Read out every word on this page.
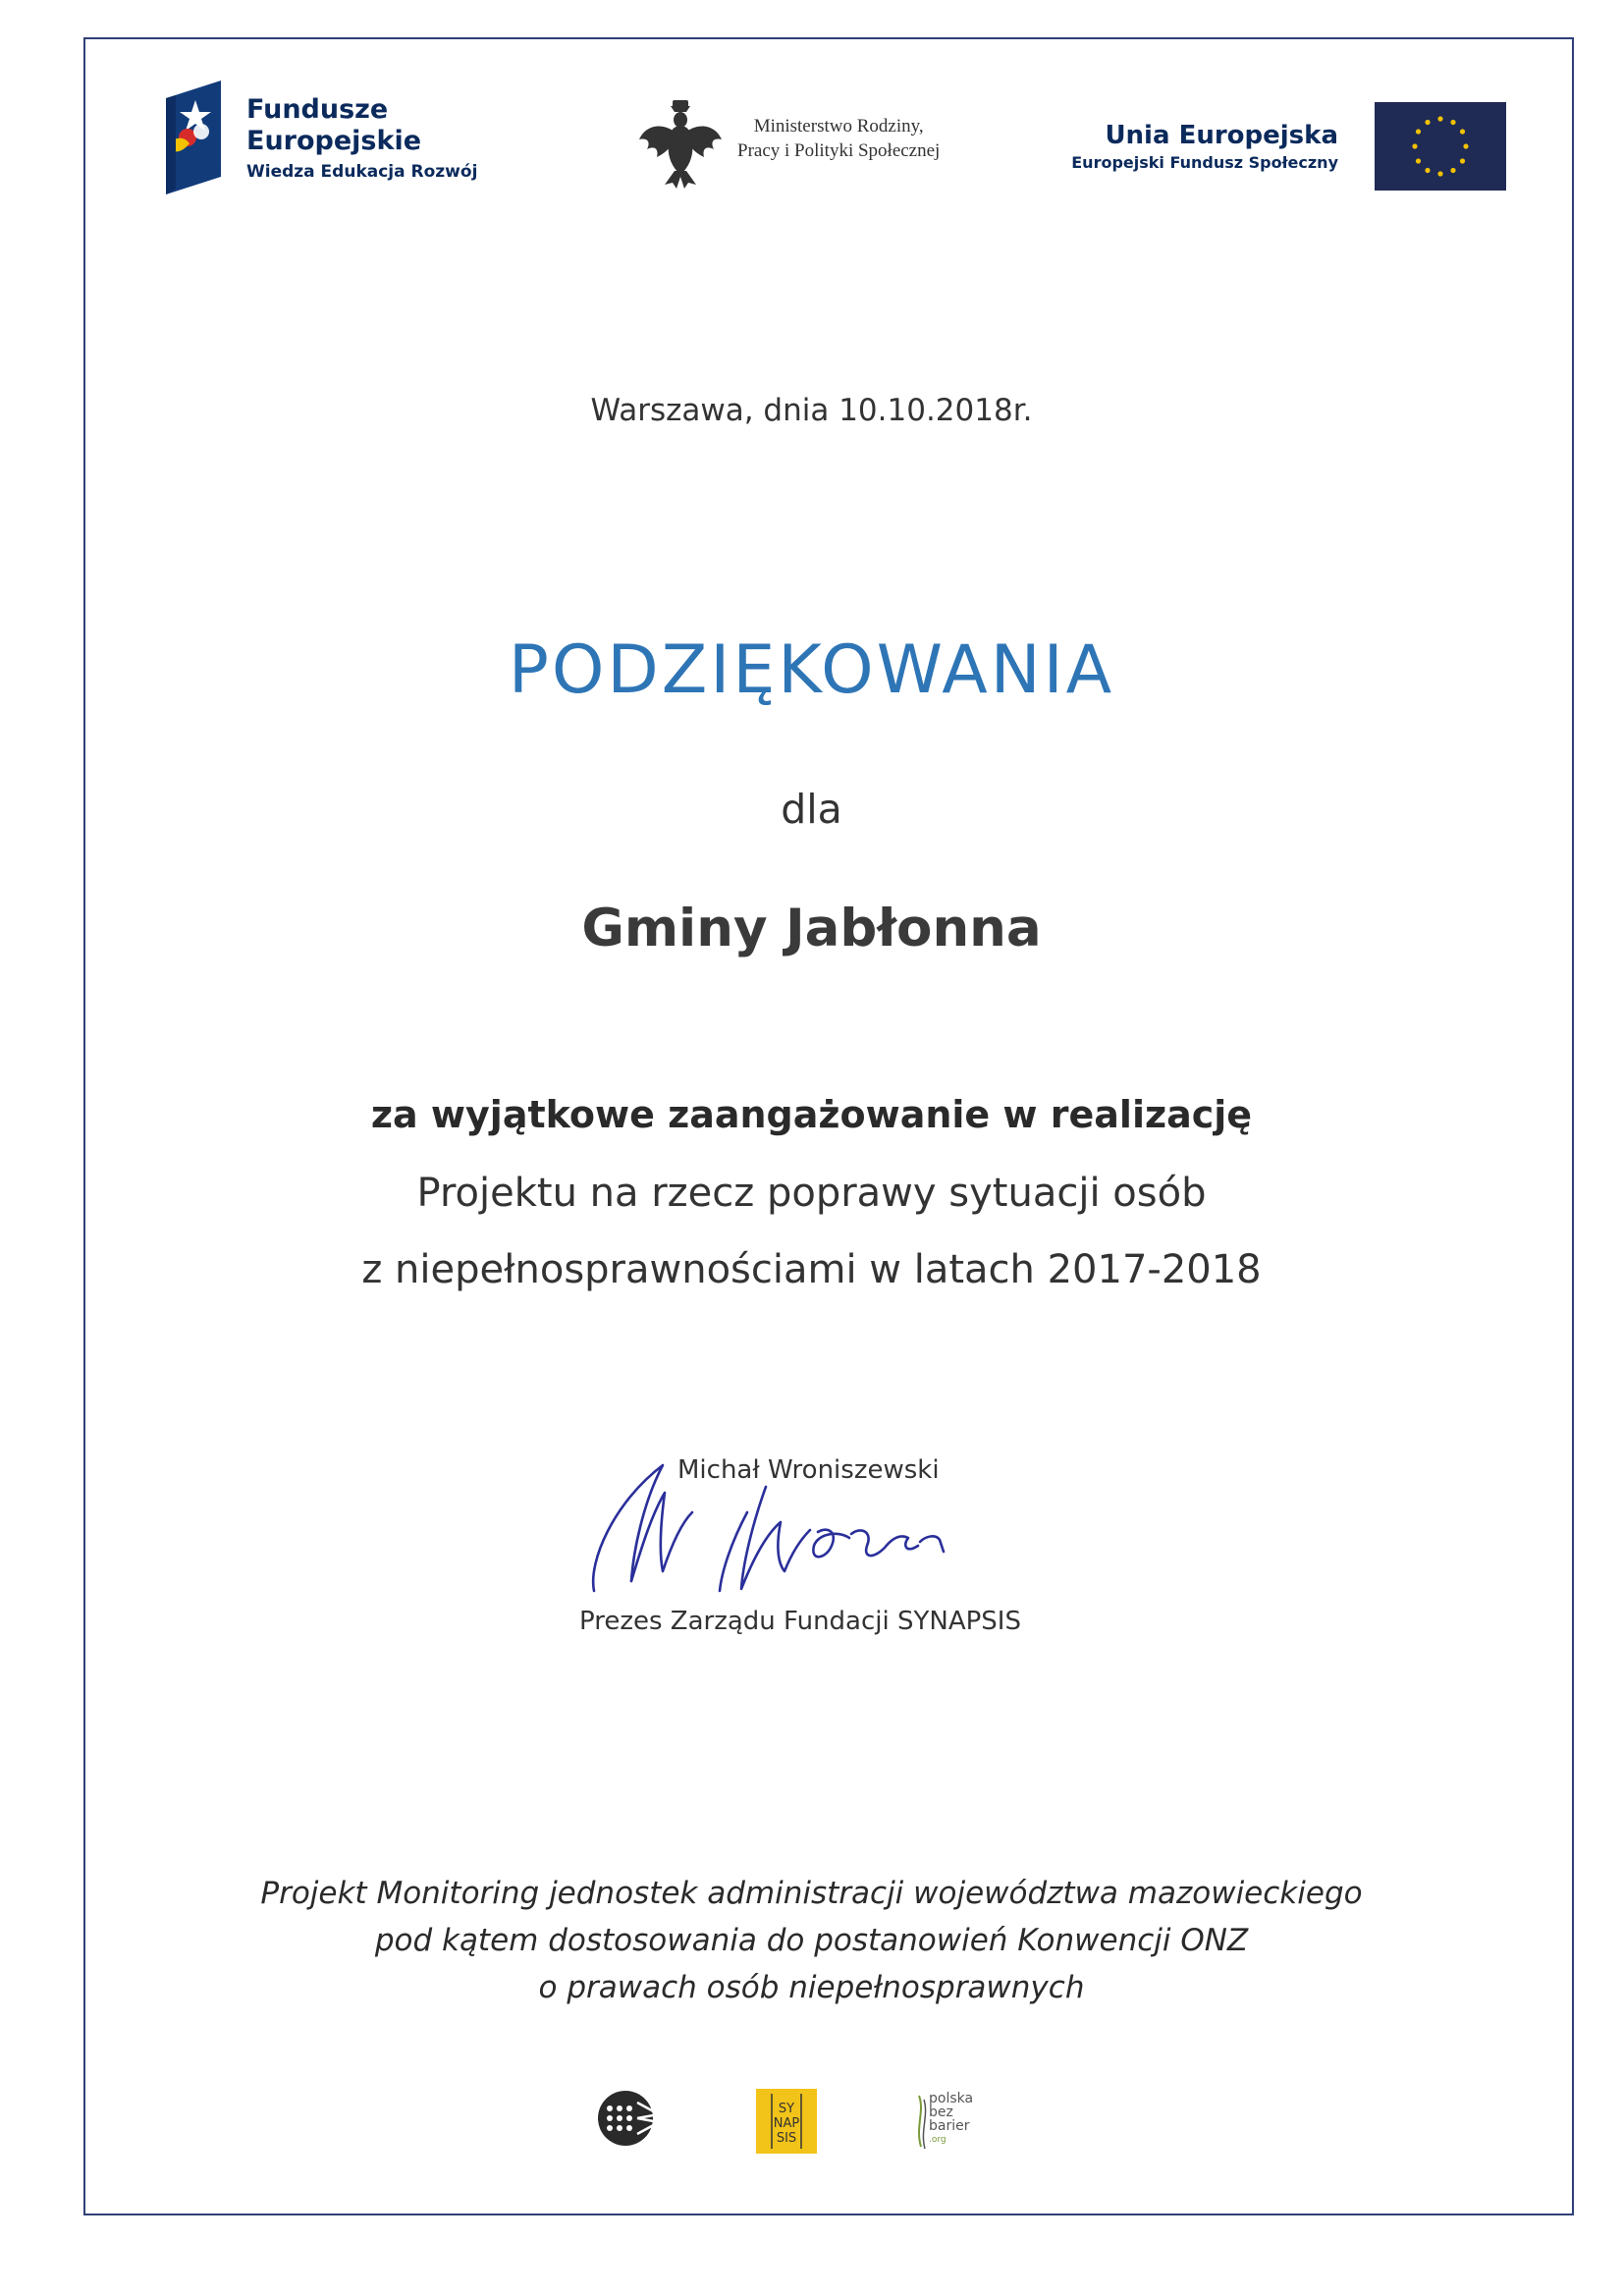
Fundusze
Europejskie
Wiedza Edukacja Rozwój
Ministerstwo Rodziny,
Pracy i Polityki Społecznej
Unia Europejska
Europejski Fundusz Społeczny
Warszawa, dnia 10.10.2018r.
PODZIĘKOWANIA
dla
Gminy Jabłonna
za wyjątkowe zaangażowanie w realizację
Projektu na rzecz poprawy sytuacji osób
z niepełnosprawnościami w latach 2017-2018
Michał Wroniszewski
Prezes Zarządu Fundacji SYNAPSIS
Projekt Monitoring jednostek administracji województwa mazowieckiego
pod kątem dostosowania do postanowień Konwencji ONZ
o prawach osób niepełnosprawnych
SY
NAP
SIS
polska
bez
barier
.org
